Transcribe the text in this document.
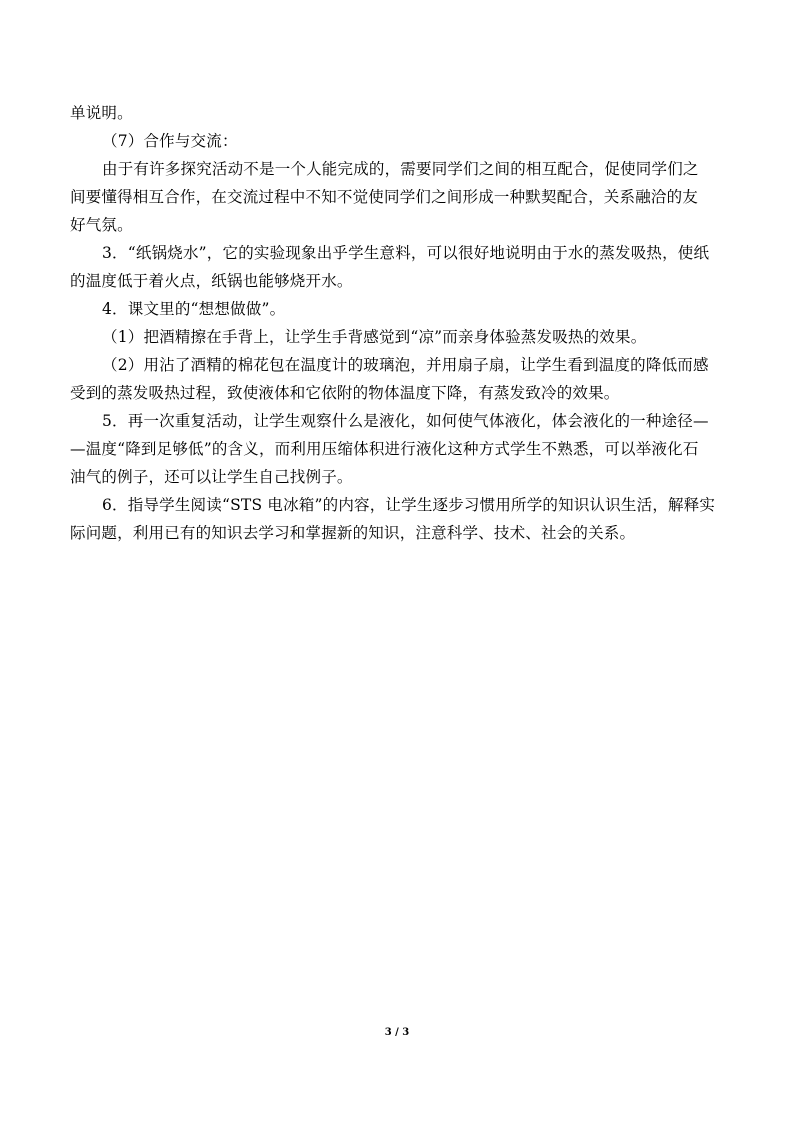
单说明。
（7）合作与交流：
由于有许多探究活动不是一个人能完成的，需要同学们之间的相互配合，促使同学们之
间要懂得相互合作，在交流过程中不知不觉使同学们之间形成一种默契配合，关系融洽的友
好气氛。
3．“纸锅烧水”，它的实验现象出乎学生意料，可以很好地说明由于水的蒸发吸热，使纸
的温度低于着火点，纸锅也能够烧开水。
4．课文里的“想想做做”。
（1）把酒精擦在手背上，让学生手背感觉到“凉”而亲身体验蒸发吸热的效果。
（2）用沾了酒精的棉花包在温度计的玻璃泡，并用扇子扇，让学生看到温度的降低而感
受到的蒸发吸热过程，致使液体和它依附的物体温度下降，有蒸发致冷的效果。
5．再一次重复活动，让学生观察什么是液化，如何使气体液化，体会液化的一种途径—
—温度“降到足够低”的含义，而利用压缩体积进行液化这种方式学生不熟悉，可以举液化石
油气的例子，还可以让学生自己找例子。
6．指导学生阅读“STS 电冰箱”的内容，让学生逐步习惯用所学的知识认识生活，解释实
际问题，利用已有的知识去学习和掌握新的知识，注意科学、技术、社会的关系。
3 / 3
